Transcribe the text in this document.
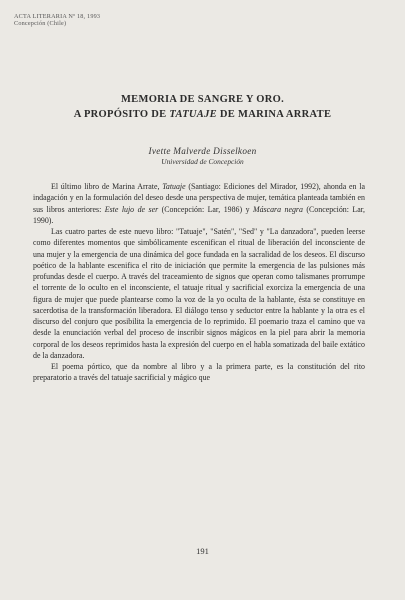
ACTA LITERARIA Nº 18, 1993
Concepción (Chile)
MEMORIA DE SANGRE Y ORO.
A PROPÓSITO DE TATUAJE DE MARINA ARRATE
Ivette Malverde Disselkoen
Universidad de Concepción

El último libro de Marina Arrate, Tatuaje (Santiago: Ediciones del Mirador, 1992), ahonda en la indagación y en la formulación del deseo desde una perspectiva de mujer, temática planteada también en sus libros anteriores: Este lujo de ser (Concepción: Lar, 1986) y Máscara negra (Concepción: Lar, 1990).

Las cuatro partes de este nuevo libro: "Tatuaje", "Satén", "Sed" y "La danzadora", pueden leerse como diferentes momentos que simbólicamente escenifican el ritual de liberación del inconsciente de una mujer y la emergencia de una dinámica del goce fundada en la sacralidad de los deseos. El discurso poético de la hablante escenifica el rito de iniciación que permite la emergencia de las pulsiones más profundas desde el cuerpo. A través del traceamiento de signos que operan como talismanes prorrumpe el torrente de lo oculto en el inconsciente, el tatuaje ritual y sacrificial exorciza la emergencia de una figura de mujer que puede plantearse como la voz de la yo oculta de la hablante, ésta se constituye en sacerdotisa de la transformación liberadora. El diálogo tenso y seductor entre la hablante y la otra es el discurso del conjuro que posibilita la emergencia de lo reprimido. El poemario traza el camino que va desde la enunciación verbal del proceso de inscribir signos mágicos en la piel para abrir la memoria corporal de los deseos reprimidos hasta la expresión del cuerpo en el habla somatizada del baile extático de la danzadora.

El poema pórtico, que da nombre al libro y a la primera parte, es la constitución del rito preparatorio a través del tatuaje sacrificial y mágico que

191
